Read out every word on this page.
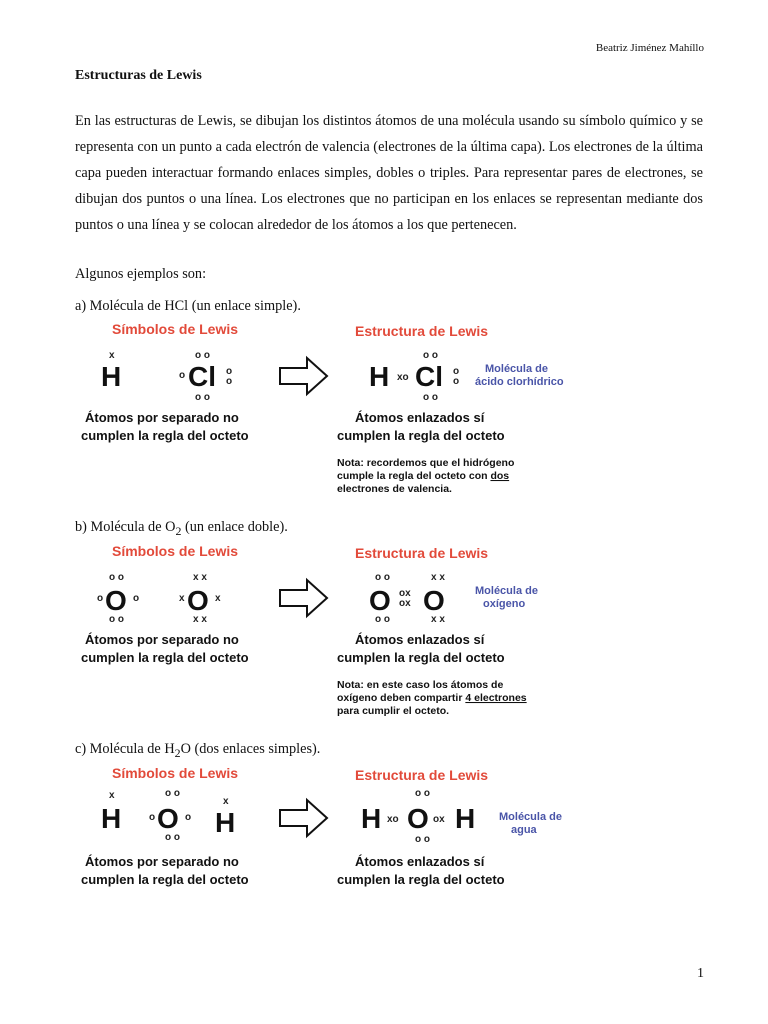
Beatriz Jiménez Mahíllo
Estructuras de Lewis
En las estructuras de Lewis, se dibujan los distintos átomos de una molécula usando su símbolo químico y se representa con un punto a cada electrón de valencia (electrones de la última capa). Los electrones de la última capa pueden interactuar formando enlaces simples, dobles o triples. Para representar pares de electrones, se dibujan dos puntos o una línea. Los electrones que no participan en los enlaces se representan mediante dos puntos o una línea y se colocan alrededor de los átomos a los que pertenecen.
Algunos ejemplos son:
a) Molécula de HCl (un enlace simple).
Símbolos de Lewis	Estructura de Lewis
x
H
o o
o Cl o
o
o o
H xo
o o
Cl o
o
o o
Molécula de
ácido clorhídrico
Átomos por separado no
cumplen la regla del octeto
Átomos enlazados sí
cumplen la regla del octeto
Nota: recordemos que el hidrógeno
cumple la regla del octeto con dos
electrones de valencia.
b) Molécula de $O_2$ (un enlace doble).
Símbolos de Lewis	Estructura de Lewis
o o
o O o
o o
x x
x O x
x x
o o
O ox
ox
x x
O
o o	x x
Molécula de
oxígeno
Átomos por separado no
cumplen la regla del octeto
Átomos enlazados sí
cumplen la regla del octeto
Nota: en este caso los átomos de
oxígeno deben compartir 4 electrones
para cumplir el octeto.
c) Molécula de $H_2O$ (dos enlaces simples).
Símbolos de Lewis	Estructura de Lewis
x
H
o o
o O o
o o
x
H	H xo
o o
O ox
o o
H Molécula de
agua
Átomos por separado no
cumplen la regla del octeto
Átomos enlazados sí
cumplen la regla del octeto
1
